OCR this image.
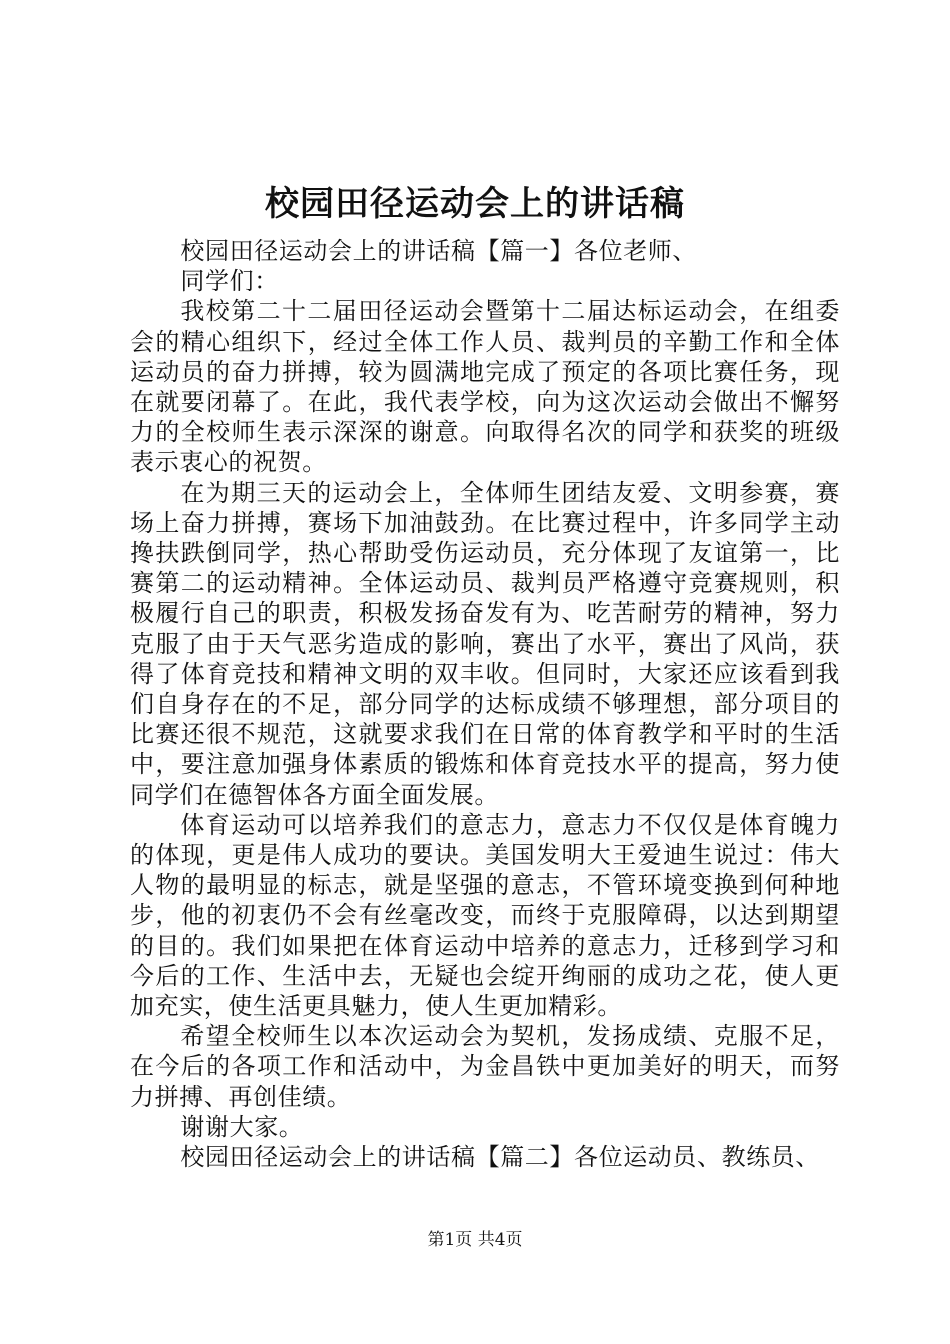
校园田径运动会上的讲话稿

校园田径运动会上的讲话稿【篇一】各位老师、

同学们：

我校第二十二届田径运动会暨第十二届达标运动会，在组委会的精心组织下，经过全体工作人员、裁判员的辛勤工作和全体运动员的奋力拼搏，较为圆满地完成了预定的各项比赛任务，现在就要闭幕了。在此，我代表学校，向为这次运动会做出不懈努力的全校师生表示深深的谢意。向取得名次的同学和获奖的班级表示衷心的祝贺。

在为期三天的运动会上，全体师生团结友爱、文明参赛，赛场上奋力拼搏，赛场下加油鼓劲。在比赛过程中，许多同学主动搀扶跌倒同学，热心帮助受伤运动员，充分体现了友谊第一，比赛第二的运动精神。全体运动员、裁判员严格遵守竞赛规则，积极履行自己的职责，积极发扬奋发有为、吃苦耐劳的精神，努力克服了由于天气恶劣造成的影响，赛出了水平，赛出了风尚，获得了体育竞技和精神文明的双丰收。但同时，大家还应该看到我们自身存在的不足，部分同学的达标成绩不够理想，部分项目的比赛还很不规范，这就要求我们在日常的体育教学和平时的生活中，要注意加强身体素质的锻炼和体育竞技水平的提高，努力使同学们在德智体各方面全面发展。

体育运动可以培养我们的意志力，意志力不仅仅是体育魄力的体现，更是伟人成功的要诀。美国发明大王爱迪生说过：伟大人物的最明显的标志，就是坚强的意志，不管环境变换到何种地步，他的初衷仍不会有丝毫改变，而终于克服障碍，以达到期望的目的。我们如果把在体育运动中培养的意志力，迁移到学习和今后的工作、生活中去，无疑也会绽开绚丽的成功之花，使人更加充实，使生活更具魅力，使人生更加精彩。

希望全校师生以本次运动会为契机，发扬成绩、克服不足，在今后的各项工作和活动中，为金昌铁中更加美好的明天，而努力拼搏、再创佳绩。

谢谢大家。

校园田径运动会上的讲话稿【篇二】各位运动员、教练员、

第1页 共4页
